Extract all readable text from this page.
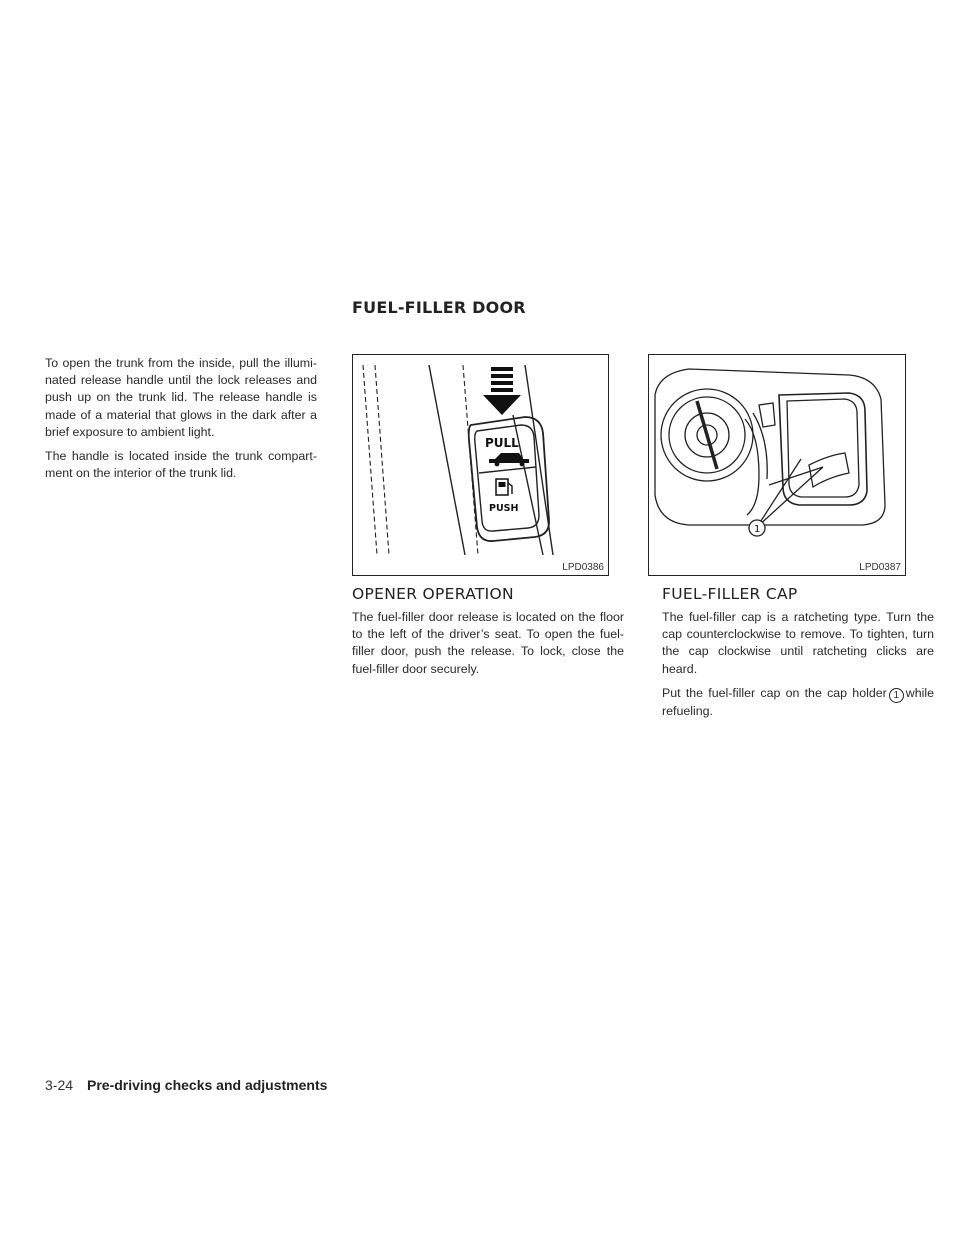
FUEL-FILLER DOOR

To open the trunk from the inside, pull the illumi-nated release handle until the lock releases and push up on the trunk lid. The release handle is made of a material that glows in the dark after a brief exposure to ambient light.

The handle is located inside the trunk compart-ment on the interior of the trunk lid.

PULL
PUSH
LPD0386
1
LPD0387
OPENER OPERATION

The fuel-filler door release is located on the floor to the left of the driver’s seat. To open the fuel-filler door, push the release. To lock, close the fuel-filler door securely.

FUEL-FILLER CAP

The fuel-filler cap is a ratcheting type. Turn the cap counterclockwise to remove. To tighten, turn the cap clockwise until ratcheting clicks are heard.

Put the fuel-filler cap on the cap holder 1 while refueling.

3-24 Pre-driving checks and adjustments
